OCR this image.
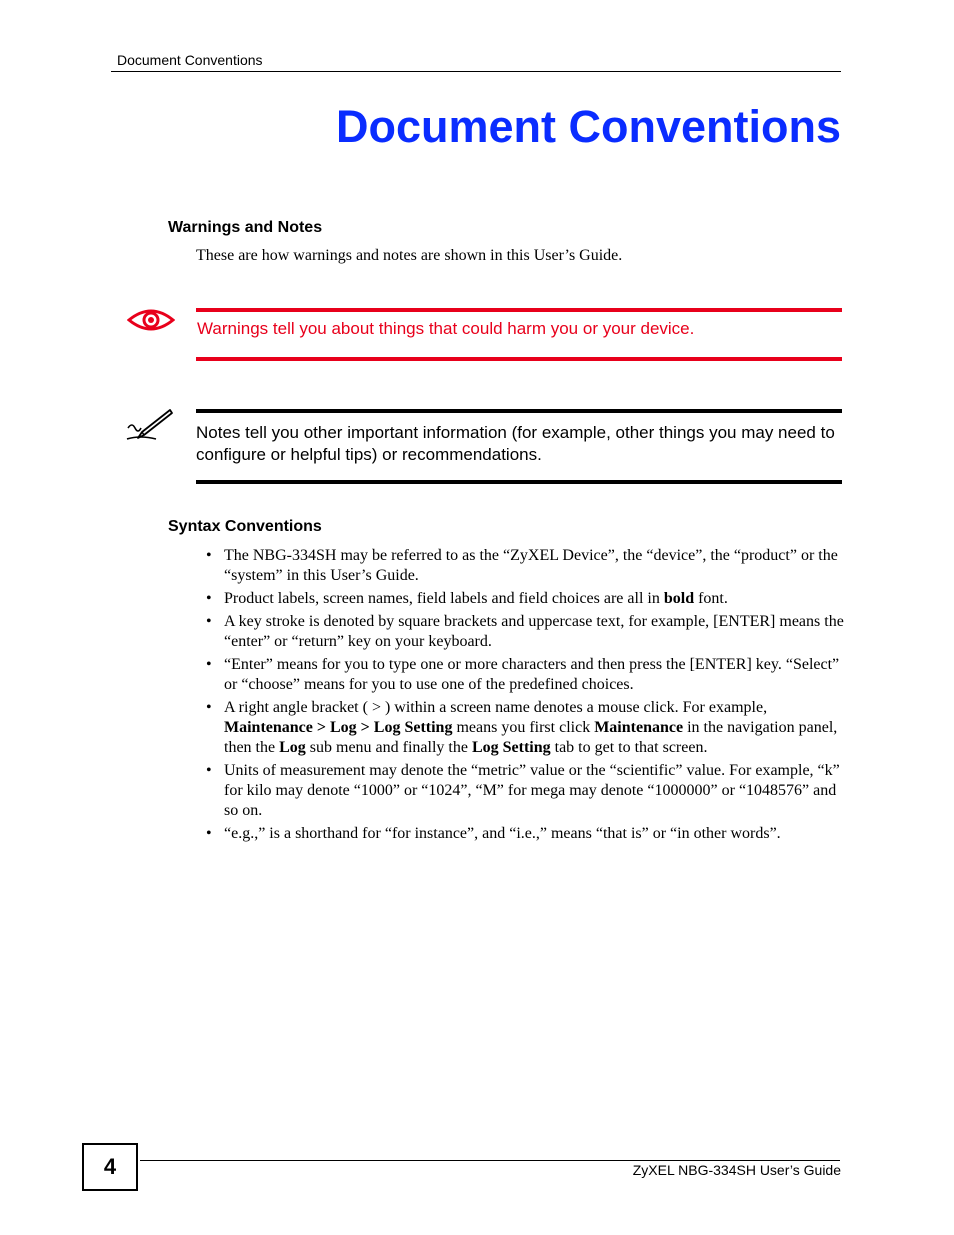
Document Conventions
Document Conventions
Warnings and Notes
These are how warnings and notes are shown in this User’s Guide.
Warnings tell you about things that could harm you or your device.
Notes tell you other important information (for example, other things you may need to configure or helpful tips) or recommendations.
Syntax Conventions
• The NBG-334SH may be referred to as the “ZyXEL Device”, the “device”, the “product” or the “system” in this User’s Guide.
• Product labels, screen names, field labels and field choices are all in bold font.
• A key stroke is denoted by square brackets and uppercase text, for example, [ENTER] means the “enter” or “return” key on your keyboard.
• “Enter” means for you to type one or more characters and then press the [ENTER] key. “Select” or “choose” means for you to use one of the predefined choices.
• A right angle bracket ( > ) within a screen name denotes a mouse click. For example, Maintenance > Log > Log Setting means you first click Maintenance in the navigation panel, then the Log sub menu and finally the Log Setting tab to get to that screen.
• Units of measurement may denote the “metric” value or the “scientific” value. For example, “k” for kilo may denote “1000” or “1024”, “M” for mega may denote “1000000” or “1048576” and so on.
• “e.g.,” is a shorthand for “for instance”, and “i.e.,” means “that is” or “in other words”.
4	ZyXEL NBG-334SH User’s Guide
